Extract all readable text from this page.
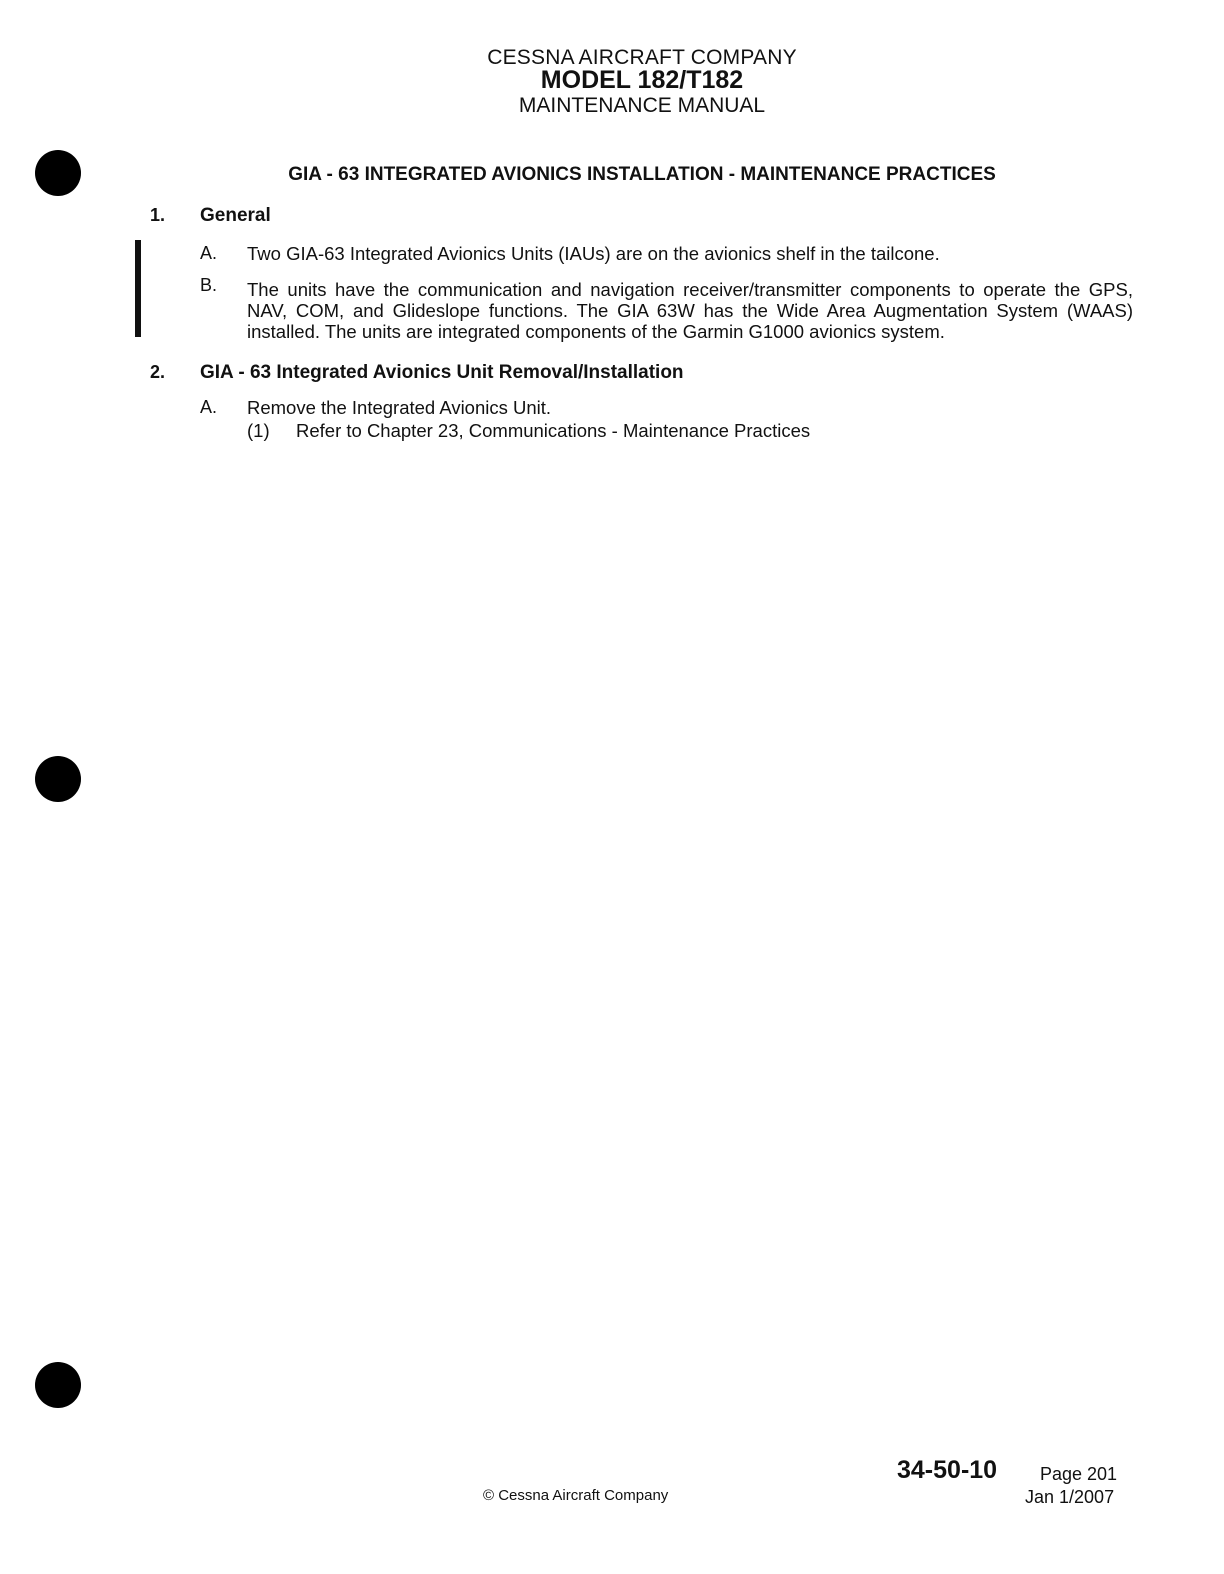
CESSNA AIRCRAFT COMPANY
MODEL 182/T182
MAINTENANCE MANUAL
GIA - 63 INTEGRATED AVIONICS INSTALLATION - MAINTENANCE PRACTICES
1. General
A. Two GIA-63 Integrated Avionics Units (IAUs) are on the avionics shelf in the tailcone.
B. The units have the communication and navigation receiver/transmitter components to operate the GPS, NAV, COM, and Glideslope functions. The GIA 63W has the Wide Area Augmentation System (WAAS) installed. The units are integrated components of the Garmin G1000 avionics system.
2. GIA - 63 Integrated Avionics Unit Removal/Installation
A. Remove the Integrated Avionics Unit.
(1) Refer to Chapter 23, Communications - Maintenance Practices
© Cessna Aircraft Company
34-50-10 Page 201
Jan 1/2007
